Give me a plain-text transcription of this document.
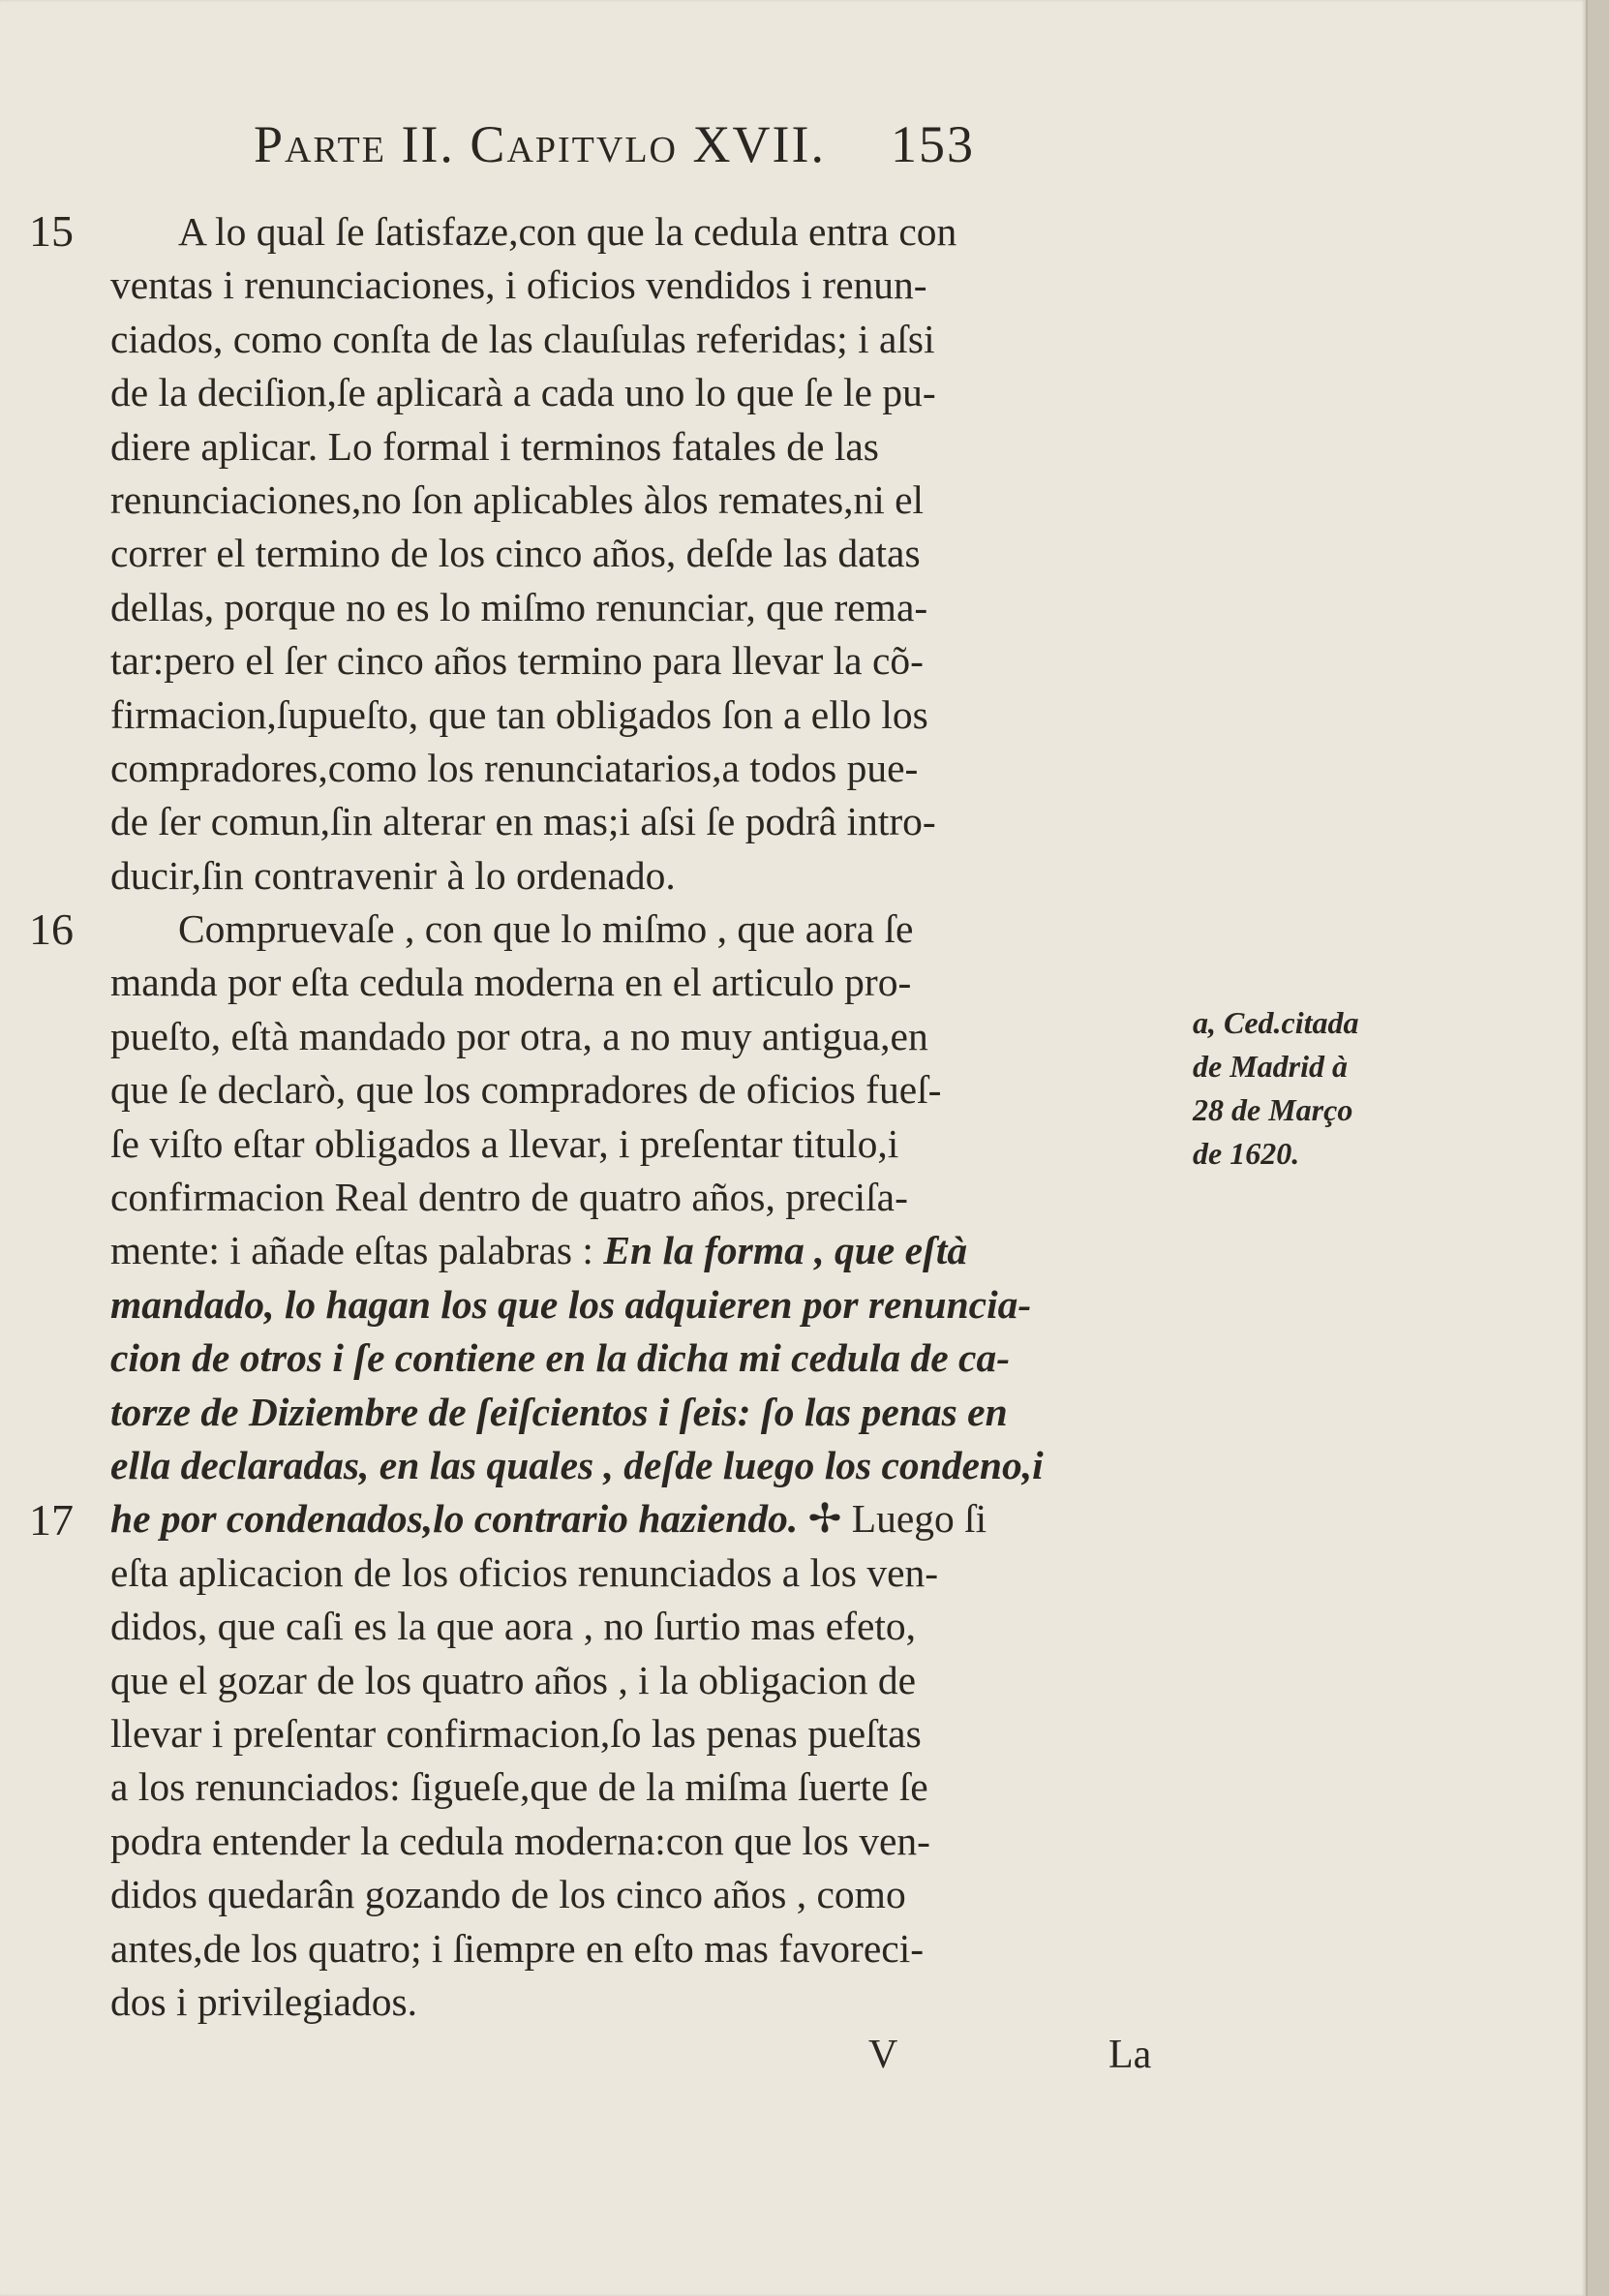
Parte II. Capitvlo XVII. 153
15
16
17
A lo qual ſe ſatisfaze,con que la cedula entra con
ventas i renunciaciones, i oficios vendidos i renun-
ciados, como conſta de las clauſulas referidas; i aſsi
de la deciſion,ſe aplicarà a cada uno lo que ſe le pu-
diere aplicar. Lo formal i terminos fatales de las
renunciaciones,no ſon aplicables àlos remates,ni el
correr el termino de los cinco años, deſde las datas
dellas, porque no es lo miſmo renunciar, que rema-
tar:pero el ſer cinco años termino para llevar la cõ-
firmacion,ſupueſto, que tan obligados ſon a ello los
compradores,como los renunciatarios,a todos pue-
de ſer comun,ſin alterar en mas;i aſsi ſe podrâ intro-
ducir,ſin contravenir à lo ordenado.
Compruevaſe , con que lo miſmo , que aora ſe
manda por eſta cedula moderna en el articulo pro-
pueſto, eſtà mandado por otra, a no muy antigua,en
que ſe declarò, que los compradores de oficios fueſ-
ſe viſto eſtar obligados a llevar, i preſentar titulo,i
confirmacion Real dentro de quatro años, preciſa-
mente: i añade eſtas palabras : En la forma , que eſtà
mandado, lo hagan los que los adquieren por renuncia-
cion de otros i ſe contiene en la dicha mi cedula de ca-
torze de Diziembre de ſeiſcientos i ſeis: ſo las penas en
ella declaradas, en las quales , deſde luego los condeno,i
he por condenados,lo contrario haziendo. ✢ Luego ſi
eſta aplicacion de los oficios renunciados a los ven-
didos, que caſi es la que aora , no ſurtio mas efeto,
que el gozar de los quatro años , i la obligacion de
llevar i preſentar confirmacion,ſo las penas pueſtas
a los renunciados: ſigueſe,que de la miſma ſuerte ſe
podra entender la cedula moderna:con que los ven-
didos quedarân gozando de los cinco años , como
antes,de los quatro; i ſiempre en eſto mas favoreci-
dos i privilegiados.
a, Ced.citada
de Madrid à
28 de Março
de 1620.
V	La
